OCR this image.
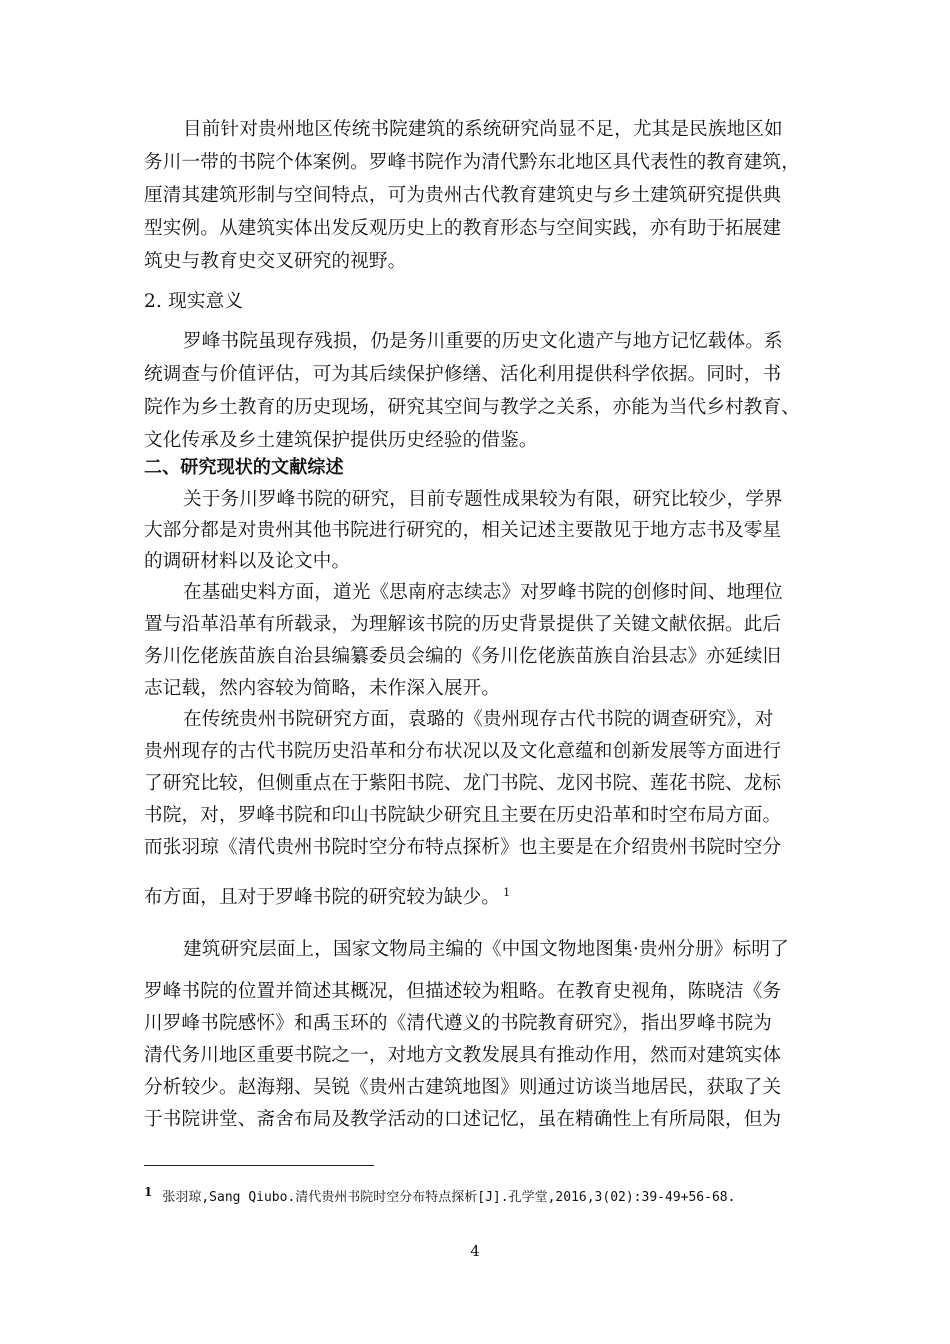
目前针对贵州地区传统书院建筑的系统研究尚显不足，尤其是民族地区如
务川一带的书院个体案例。罗峰书院作为清代黔东北地区具代表性的教育建筑，
厘清其建筑形制与空间特点，可为贵州古代教育建筑史与乡土建筑研究提供典
型实例。从建筑实体出发反观历史上的教育形态与空间实践，亦有助于拓展建
筑史与教育史交叉研究的视野。
2. 现实意义
罗峰书院虽现存残损，仍是务川重要的历史文化遗产与地方记忆载体。系
统调查与价值评估，可为其后续保护修缮、活化利用提供科学依据。同时，书
院作为乡土教育的历史现场，研究其空间与教学之关系，亦能为当代乡村教育、
文化传承及乡土建筑保护提供历史经验的借鉴。
二、研究现状的文献综述
关于务川罗峰书院的研究，目前专题性成果较为有限，研究比较少，学界
大部分都是对贵州其他书院进行研究的，相关记述主要散见于地方志书及零星
的调研材料以及论文中。
在基础史料方面，道光《思南府志续志》对罗峰书院的创修时间、地理位
置与沿革沿革有所载录，为理解该书院的历史背景提供了关键文献依据。此后
务川仡佬族苗族自治县编纂委员会编的《务川仡佬族苗族自治县志》亦延续旧
志记载，然内容较为简略，未作深入展开。
在传统贵州书院研究方面，袁璐的《贵州现存古代书院的调查研究》，对
贵州现存的古代书院历史沿革和分布状况以及文化意蕴和创新发展等方面进行
了研究比较，但侧重点在于紫阳书院、龙门书院、龙冈书院、莲花书院、龙标
书院，对，罗峰书院和印山书院缺少研究且主要在历史沿革和时空布局方面。
而张羽琼《清代贵州书院时空分布特点探析》也主要是在介绍贵州书院时空分
布方面，且对于罗峰书院的研究较为缺少。 $^1$
建筑研究层面上，国家文物局主编的《中国文物地图集·贵州分册》标明了
罗峰书院的位置并简述其概况，但描述较为粗略。在教育史视角，陈晓洁《务
川罗峰书院感怀》和禹玉环的《清代遵义的书院教育研究》，指出罗峰书院为
清代务川地区重要书院之一，对地方文教发展具有推动作用，然而对建筑实体
分析较少。赵海翔、吴锐《贵州古建筑地图》则通过访谈当地居民，获取了关
于书院讲堂、斋舍布局及教学活动的口述记忆，虽在精确性上有所局限，但为
1 张羽琼,Sang Qiubo.清代贵州书院时空分布特点探析[J].孔学堂,2016,3(02):39-49+56-68.
4
